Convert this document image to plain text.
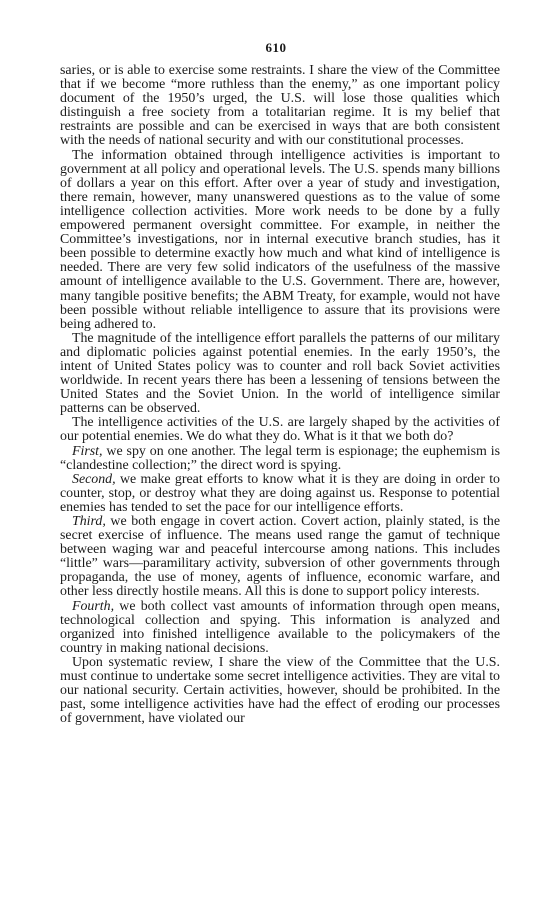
610

saries, or is able to exercise some restraints. I share the view of the Committee that if we become “more ruthless than the enemy,” as one important policy document of the 1950’s urged, the U.S. will lose those qualities which distinguish a free society from a totalitarian regime. It is my belief that restraints are possible and can be exercised in ways that are both consistent with the needs of national security and with our constitutional processes.

The information obtained through intelligence activities is important to government at all policy and operational levels. The U.S. spends many billions of dollars a year on this effort. After over a year of study and investigation, there remain, however, many unanswered questions as to the value of some intelligence collection activities. More work needs to be done by a fully empowered permanent oversight committee. For example, in neither the Committee’s investigations, nor in internal executive branch studies, has it been possible to determine exactly how much and what kind of intelligence is needed. There are very few solid indicators of the usefulness of the massive amount of intelligence available to the U.S. Government. There are, however, many tangible positive benefits; the ABM Treaty, for example, would not have been possible without reliable intelligence to assure that its provisions were being adhered to.

The magnitude of the intelligence effort parallels the patterns of our military and diplomatic policies against potential enemies. In the early 1950’s, the intent of United States policy was to counter and roll back Soviet activities worldwide. In recent years there has been a lessening of tensions between the United States and the Soviet Union. In the world of intelligence similar patterns can be observed.

The intelligence activities of the U.S. are largely shaped by the activities of our potential enemies. We do what they do. What is it that we both do?

First, we spy on one another. The legal term is espionage; the euphemism is “clandestine collection;” the direct word is spying.

Second, we make great efforts to know what it is they are doing in order to counter, stop, or destroy what they are doing against us. Response to potential enemies has tended to set the pace for our intelligence efforts.

Third, we both engage in covert action. Covert action, plainly stated, is the secret exercise of influence. The means used range the gamut of technique between waging war and peaceful intercourse among nations. This includes “little” wars—paramilitary activity, subversion of other governments through propaganda, the use of money, agents of influence, economic warfare, and other less directly hostile means. All this is done to support policy interests.

Fourth, we both collect vast amounts of information through open means, technological collection and spying. This information is analyzed and organized into finished intelligence available to the policymakers of the country in making national decisions.

Upon systematic review, I share the view of the Committee that the U.S. must continue to undertake some secret intelligence activities. They are vital to our national security. Certain activities, however, should be prohibited. In the past, some intelligence activities have had the effect of eroding our processes of government, have violated our
